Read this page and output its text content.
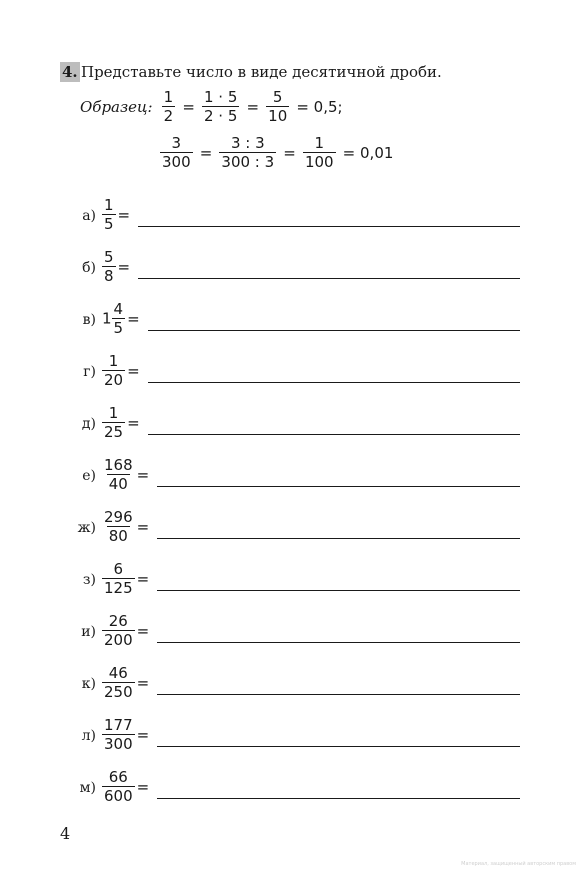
4. Представьте число в виде десятичной дроби.
Образец: $\frac{1}{2} = \frac{1 \cdot 5}{2 \cdot 5} = \frac{5}{10} = 0,5$;
$\frac{3}{300} = \frac{3 : 3}{300 : 3} = \frac{1}{100} = 0,01$
$а) \frac{1}{5}$ =
$б) \frac{5}{8}$ =
в) $1 \frac{4}{5}$ =
$г) \frac{1}{20}$ =
$д) \frac{1}{25}$ =
$е) \frac{168}{40}$ =
$ж) \frac{296}{80}$ =
$з) \frac{6}{125}$ =
$и) \frac{26}{200}$ =
$к) \frac{46}{250}$ =
$л) \frac{177}{300}$ =
$м) \frac{66}{600}$ =
4
Материал, защищенный авторским правом
